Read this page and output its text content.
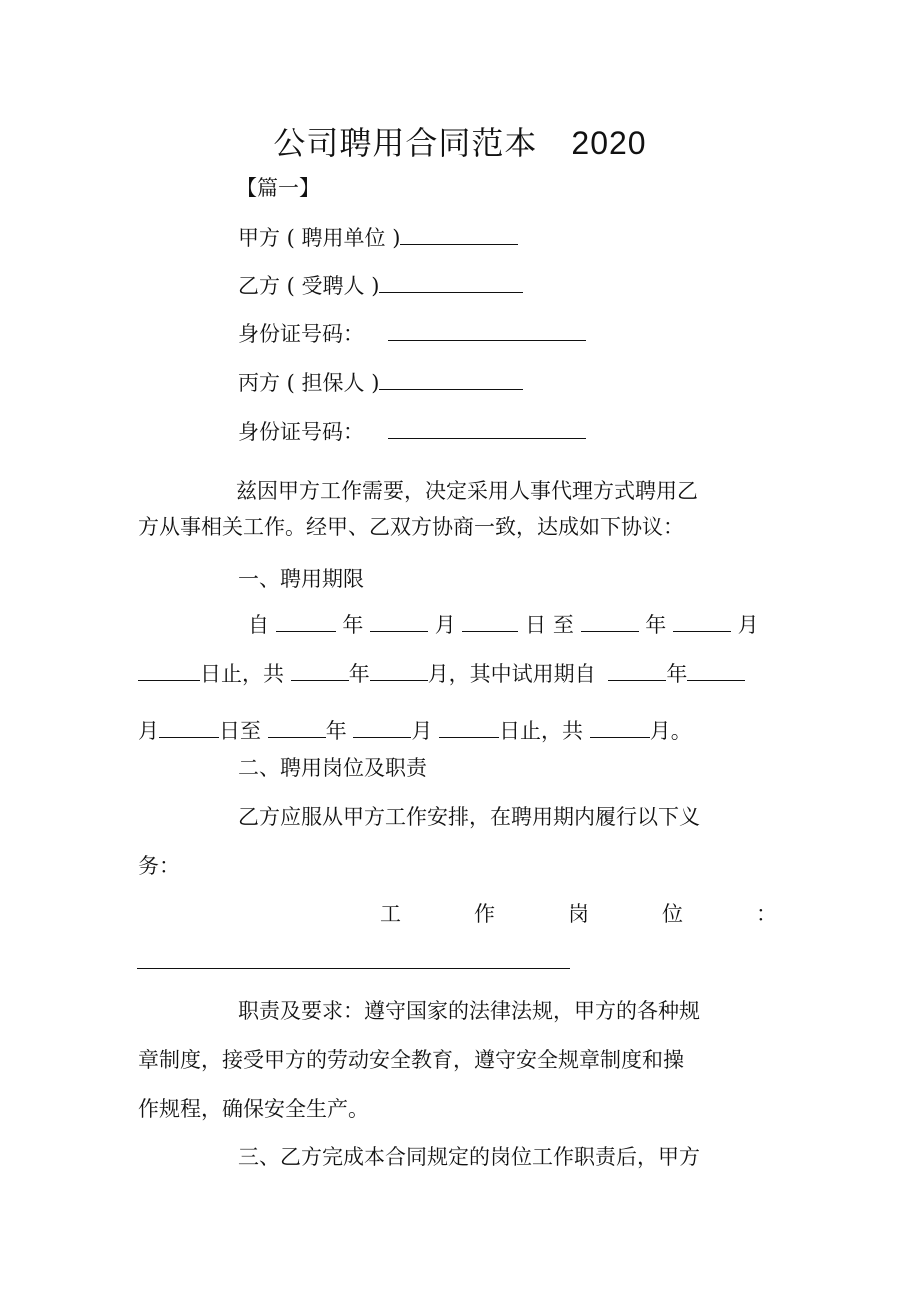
公司聘用合同范本 2020
【篇一】
甲方 ( 聘用单位 )
乙方 ( 受聘人 )
身份证号码：
丙方 ( 担保人 )
身份证号码：
兹因甲方工作需要，决定采用人事代理方式聘用乙
方从事相关工作。经甲、乙双方协商一致，达成如下协议：
一、聘用期限
自	年	月	日 至	年	月
日止，共	年	月，其中试用期自	年
月	日至	年	月	日止，共	月。
二、聘用岗位及职责
乙方应服从甲方工作安排，在聘用期内履行以下义
务：
工	作	岗	位	：
职责及要求：遵守国家的法律法规，甲方的各种规
章制度，接受甲方的劳动安全教育，遵守安全规章制度和操
作规程，确保安全生产。
三、乙方完成本合同规定的岗位工作职责后，甲方
